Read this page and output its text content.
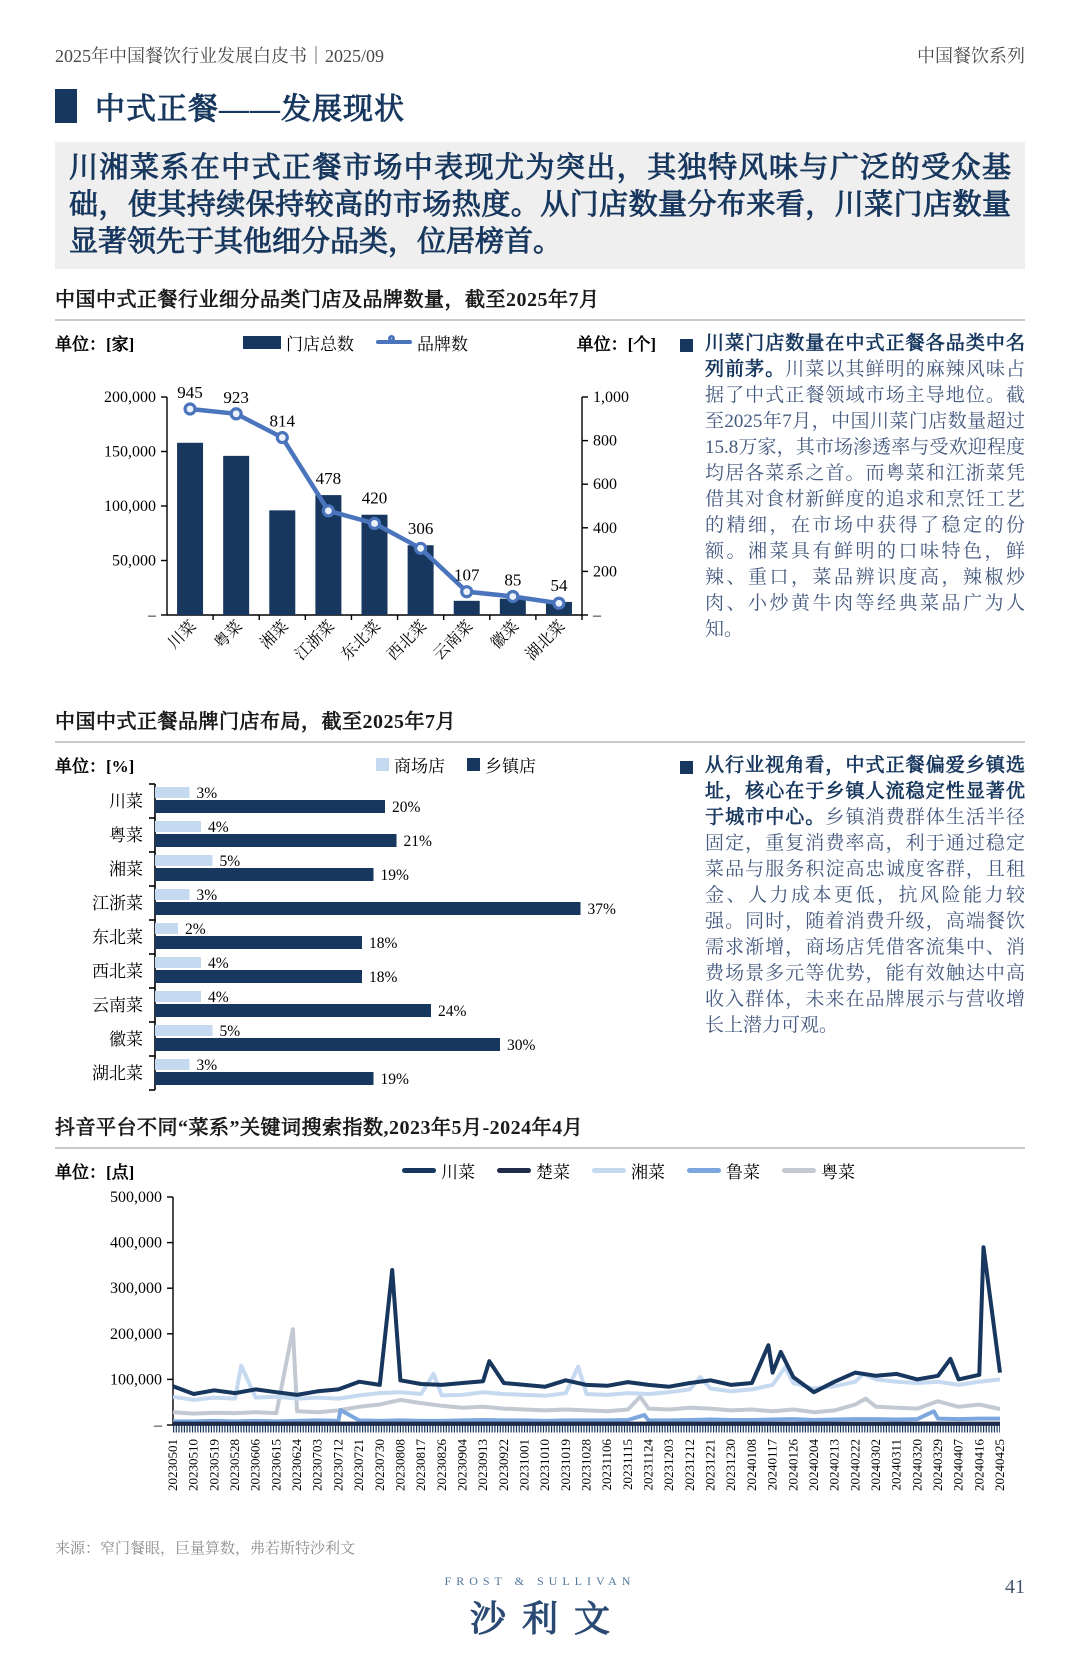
2025年中国餐饮行业发展白皮书｜2025/09	中国餐饮系列
中式正餐——发展现状
川湘菜系在中式正餐市场中表现尤为突出，其独特风味与广泛的受众基础，使其持续保持较高的市场热度。从门店数量分布来看，川菜门店数量显著领先于其他细分品类，位居榜首。
中国中式正餐行业细分品类门店及品牌数量，截至2025年7月
单位：[家]	门店总数	品牌数	单位：[个]
200,000
150,000
100,000
50,000
–
1,000
800
600
400
200
–
川菜 粤菜 湘菜 江浙菜 东北菜 西北菜 云南菜 徽菜 湖北菜
945 923
814
478
420
306
107 85 54

川菜门店数量在中式正餐各品类中名列前茅。川菜以其鲜明的麻辣风味占据了中式正餐领域市场主导地位。截至2025年7月，中国川菜门店数量超过15.8万家，其市场渗透率与受欢迎程度均居各菜系之首。而粤菜和江浙菜凭借其对食材新鲜度的追求和烹饪工艺的精细，在市场中获得了稳定的份额。湘菜具有鲜明的口味特色，鲜辣、重口，菜品辨识度高，辣椒炒肉、小炒黄牛肉等经典菜品广为人知。

中国中式正餐品牌门店布局，截至2025年7月
单位：[%]	商场店 乡镇店
3%
20%
川菜
4%
21%
粤菜
5%
19%
湘菜
3%
37%
江浙菜
2%
18%
东北菜
4%
18%
西北菜
4%
24%
云南菜
5%
30%
徽菜
3%
19%
湖北菜

从行业视角看，中式正餐偏爱乡镇选址，核心在于乡镇人流稳定性显著优于城市中心。乡镇消费群体生活半径固定，重复消费率高，利于通过稳定菜品与服务积淀高忠诚度客群，且租金、人力成本更低，抗风险能力较强。同时，随着消费升级，高端餐饮需求渐增，商场店凭借客流集中、消费场景多元等优势，能有效触达中高收入群体，未来在品牌展示与营收增长上潜力可观。

抖音平台不同“菜系”关键词搜索指数,2023年5月-2024年4月
单位：[点]	川菜	楚菜	湘菜	鲁菜	粤菜
500,000
400,000
300,000
200,000
100,000
–
20230501 20230510 20230519 20230528 20230606 20230615 20230624 20230703 20230712 20230721 20230730 20230808 20230817 20230826 20230904 20230913 20230922 20231001 20231010 20231019 20231028 20231106 20231115 20231124 20231203 20231212 20231221 20231230 20240108 20240117 20240126 20240204 20240213 20240222 20240302 20240311 20240320 20240329 20240407 20240416 20240425
来源：窄门餐眼，巨量算数，弗若斯特沙利文
FROST & SULLIVAN
沙利文
41
